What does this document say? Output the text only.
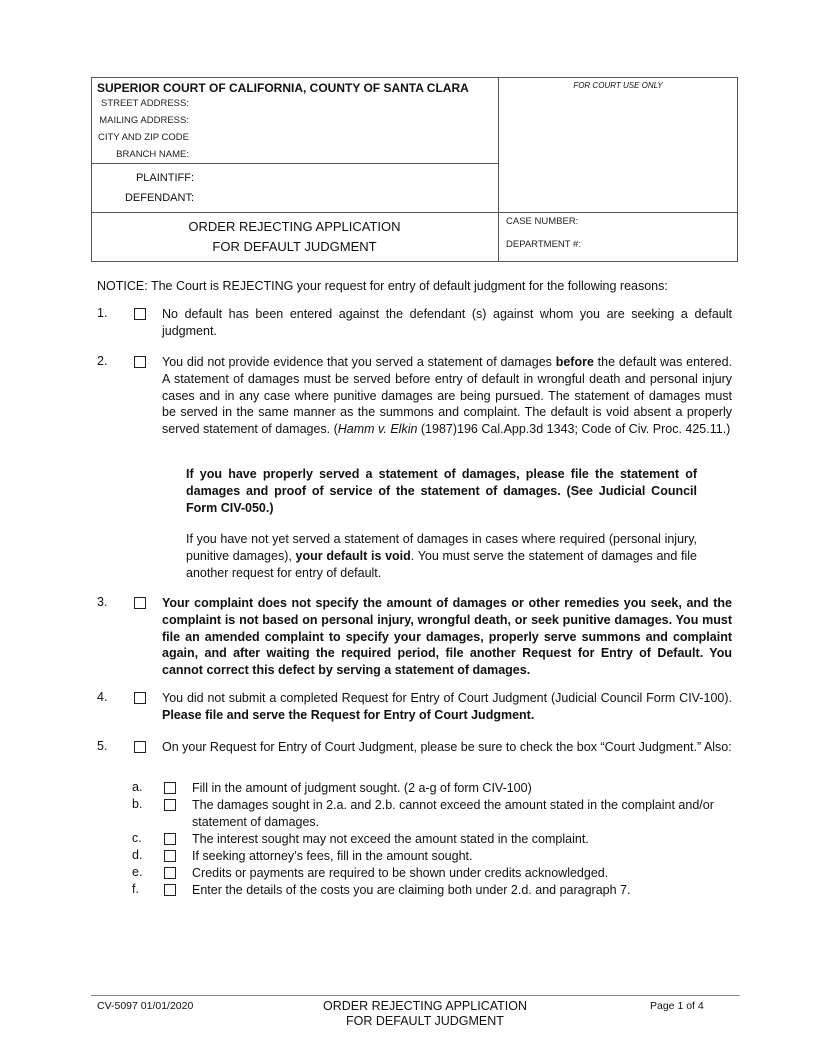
SUPERIOR COURT OF CALIFORNIA, COUNTY OF SANTA CLARA
STREET ADDRESS:
MAILING ADDRESS:
CITY AND ZIP CODE
BRANCH NAME:
PLAINTIFF:
DEFENDANT:
FOR COURT USE ONLY
ORDER REJECTING APPLICATION
FOR DEFAULT JUDGMENT
CASE NUMBER:
DEPARTMENT #:
NOTICE: The Court is REJECTING your request for entry of default judgment for the following reasons:
1.	No default has been entered against the defendant (s) against whom you are seeking a default judgment.
2.	You did not provide evidence that you served a statement of damages before the default was entered. A statement of damages must be served before entry of default in wrongful death and personal injury cases and in any case where punitive damages are being pursued. The statement of damages must be served in the same manner as the summons and complaint. The default is void absent a properly served statement of damages. (Hamm v. Elkin (1987)196 Cal.App.3d 1343; Code of Civ. Proc. 425.11.)
3.	Your complaint does not specify the amount of damages or other remedies you seek, and the complaint is not based on personal injury, wrongful death, or seek punitive damages. You must file an amended complaint to specify your damages, properly serve summons and complaint again, and after waiting the required period, file another Request for Entry of Default. You cannot correct this defect by serving a statement of damages.
4.	You did not submit a completed Request for Entry of Court Judgment (Judicial Council Form CIV-100). Please file and serve the Request for Entry of Court Judgment.
5.	On your Request for Entry of Court Judgment, please be sure to check the box “Court Judgment.” Also:
If you have properly served a statement of damages, please file the statement of damages and proof of service of the statement of damages. (See Judicial Council Form CIV-050.)
If you have not yet served a statement of damages in cases where required (personal injury, punitive damages), your default is void. You must serve the statement of damages and file another request for entry of default.
a.	Fill in the amount of judgment sought. (2 a-g of form CIV-100)
b.	The damages sought in 2.a. and 2.b. cannot exceed the amount stated in the complaint and/or statement of damages.
c.	The interest sought may not exceed the amount stated in the complaint.
d.	If seeking attorney’s fees, fill in the amount sought.
e.	Credits or payments are required to be shown under credits acknowledged.
f.	Enter the details of the costs you are claiming both under 2.d. and paragraph 7.
CV-5097 01/01/2020	ORDER REJECTING APPLICATION
FOR DEFAULT JUDGMENT
Page 1 of 4
